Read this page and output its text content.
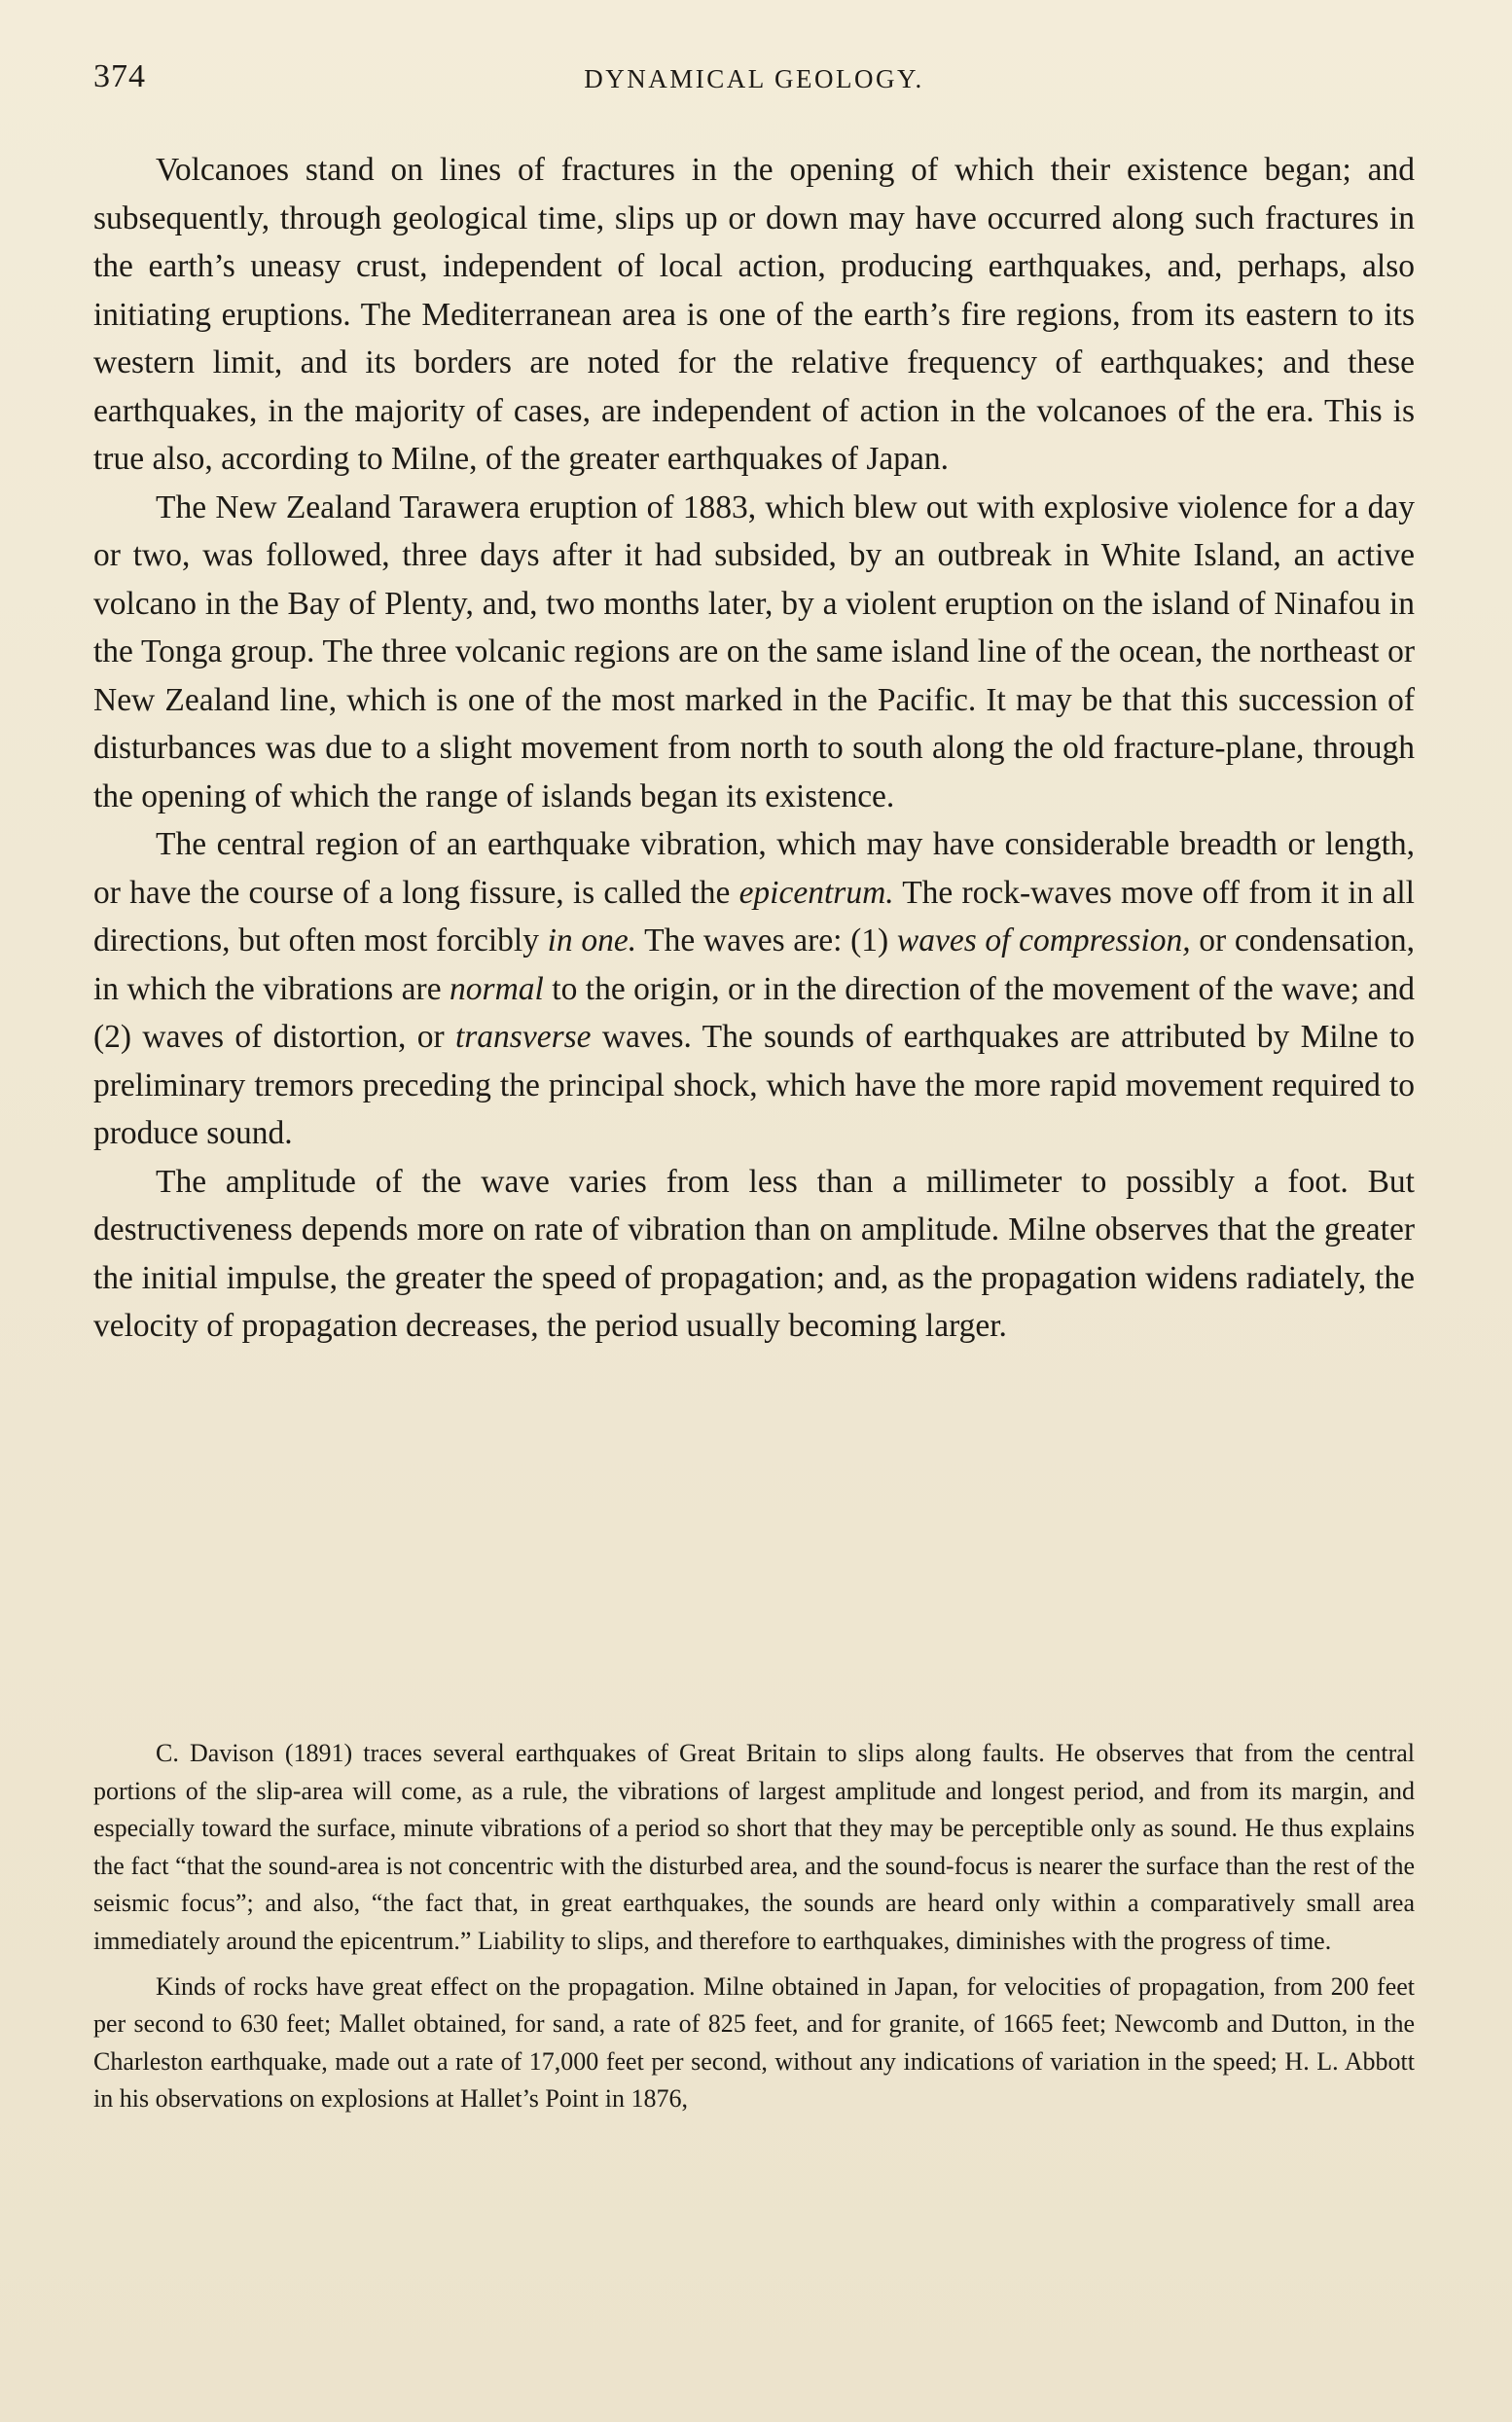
374	DYNAMICAL GEOLOGY.

Volcanoes stand on lines of fractures in the opening of which their existence began; and subsequently, through geological time, slips up or down may have occurred along such fractures in the earth’s uneasy crust, independent of local action, producing earthquakes, and, perhaps, also initiating eruptions. The Mediterranean area is one of the earth’s fire regions, from its eastern to its western limit, and its borders are noted for the relative frequency of earthquakes; and these earthquakes, in the majority of cases, are independent of action in the volcanoes of the era. This is true also, according to Milne, of the greater earthquakes of Japan.

The New Zealand Tarawera eruption of 1883, which blew out with explosive violence for a day or two, was followed, three days after it had subsided, by an outbreak in White Island, an active volcano in the Bay of Plenty, and, two months later, by a violent eruption on the island of Ninafou in the Tonga group. The three volcanic regions are on the same island line of the ocean, the northeast or New Zealand line, which is one of the most marked in the Pacific. It may be that this succession of disturbances was due to a slight movement from north to south along the old fracture-plane, through the opening of which the range of islands began its existence.

The central region of an earthquake vibration, which may have considerable breadth or length, or have the course of a long fissure, is called the epicentrum. The rock-waves move off from it in all directions, but often most forcibly in one. The waves are: (1) waves of compression, or condensation, in which the vibrations are normal to the origin, or in the direction of the movement of the wave; and (2) waves of distortion, or transverse waves. The sounds of earthquakes are attributed by Milne to preliminary tremors preceding the principal shock, which have the more rapid movement required to produce sound.

The amplitude of the wave varies from less than a millimeter to possibly a foot. But destructiveness depends more on rate of vibration than on amplitude. Milne observes that the greater the initial impulse, the greater the speed of propagation; and, as the propagation widens radiately, the velocity of propagation decreases, the period usually becoming larger.

C. Davison (1891) traces several earthquakes of Great Britain to slips along faults. He observes that from the central portions of the slip-area will come, as a rule, the vibrations of largest amplitude and longest period, and from its margin, and especially toward the surface, minute vibrations of a period so short that they may be perceptible only as sound. He thus explains the fact “that the sound-area is not concentric with the disturbed area, and the sound-focus is nearer the surface than the rest of the seismic focus”; and also, “the fact that, in great earthquakes, the sounds are heard only within a comparatively small area immediately around the epicentrum.” Liability to slips, and therefore to earthquakes, diminishes with the progress of time.

Kinds of rocks have great effect on the propagation. Milne obtained in Japan, for velocities of propagation, from 200 feet per second to 630 feet; Mallet obtained, for sand, a rate of 825 feet, and for granite, of 1665 feet; Newcomb and Dutton, in the Charleston earthquake, made out a rate of 17,000 feet per second, without any indications of variation in the speed; H. L. Abbott in his observations on explosions at Hallet’s Point in 1876,
